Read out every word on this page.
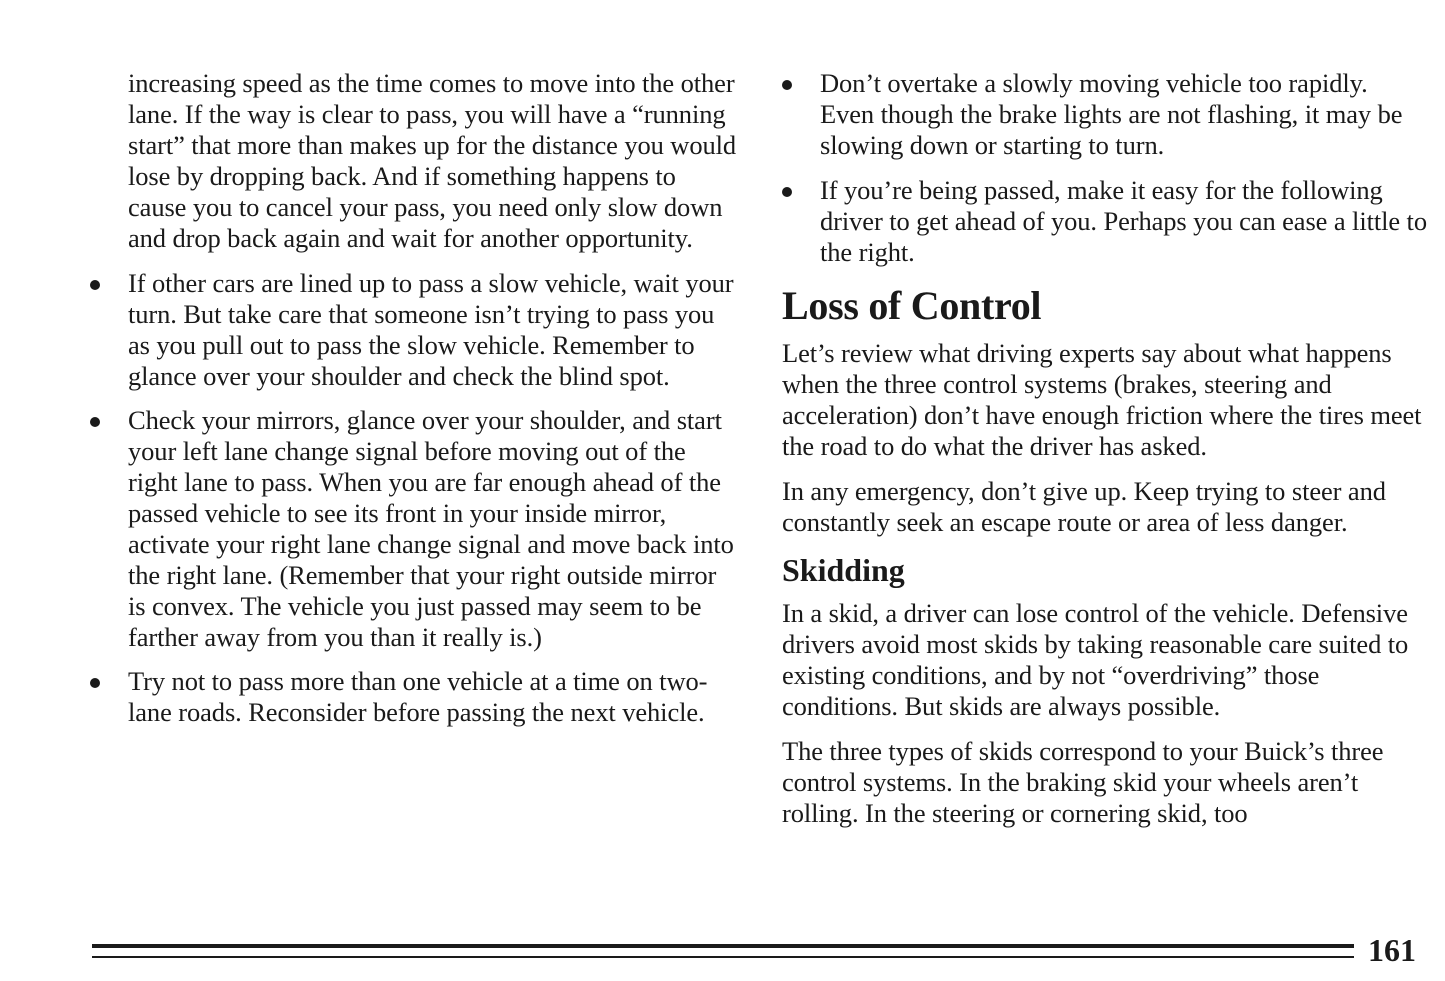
increasing speed as the time comes to move into the other lane. If the way is clear to pass, you will have a “running start” that more than makes up for the distance you would lose by dropping back. And if something happens to cause you to cancel your pass, you need only slow down and drop back again and wait for another opportunity.

If other cars are lined up to pass a slow vehicle, wait your turn. But take care that someone isn’t trying to pass you as you pull out to pass the slow vehicle. Remember to glance over your shoulder and check the blind spot.

Check your mirrors, glance over your shoulder, and start your left lane change signal before moving out of the right lane to pass. When you are far enough ahead of the passed vehicle to see its front in your inside mirror, activate your right lane change signal and move back into the right lane. (Remember that your right outside mirror is convex. The vehicle you just passed may seem to be farther away from you than it really is.)

Try not to pass more than one vehicle at a time on two-lane roads. Reconsider before passing the next vehicle.

Don’t overtake a slowly moving vehicle too rapidly. Even though the brake lights are not flashing, it may be slowing down or starting to turn.

If you’re being passed, make it easy for the following driver to get ahead of you. Perhaps you can ease a little to the right.

Loss of Control

Let’s review what driving experts say about what happens when the three control systems (brakes, steering and acceleration) don’t have enough friction where the tires meet the road to do what the driver has asked.

In any emergency, don’t give up. Keep trying to steer and constantly seek an escape route or area of less danger.

Skidding

In a skid, a driver can lose control of the vehicle. Defensive drivers avoid most skids by taking reasonable care suited to existing conditions, and by not “overdriving” those conditions. But skids are always possible.

The three types of skids correspond to your Buick’s three control systems. In the braking skid your wheels aren’t rolling. In the steering or cornering skid, too

161
